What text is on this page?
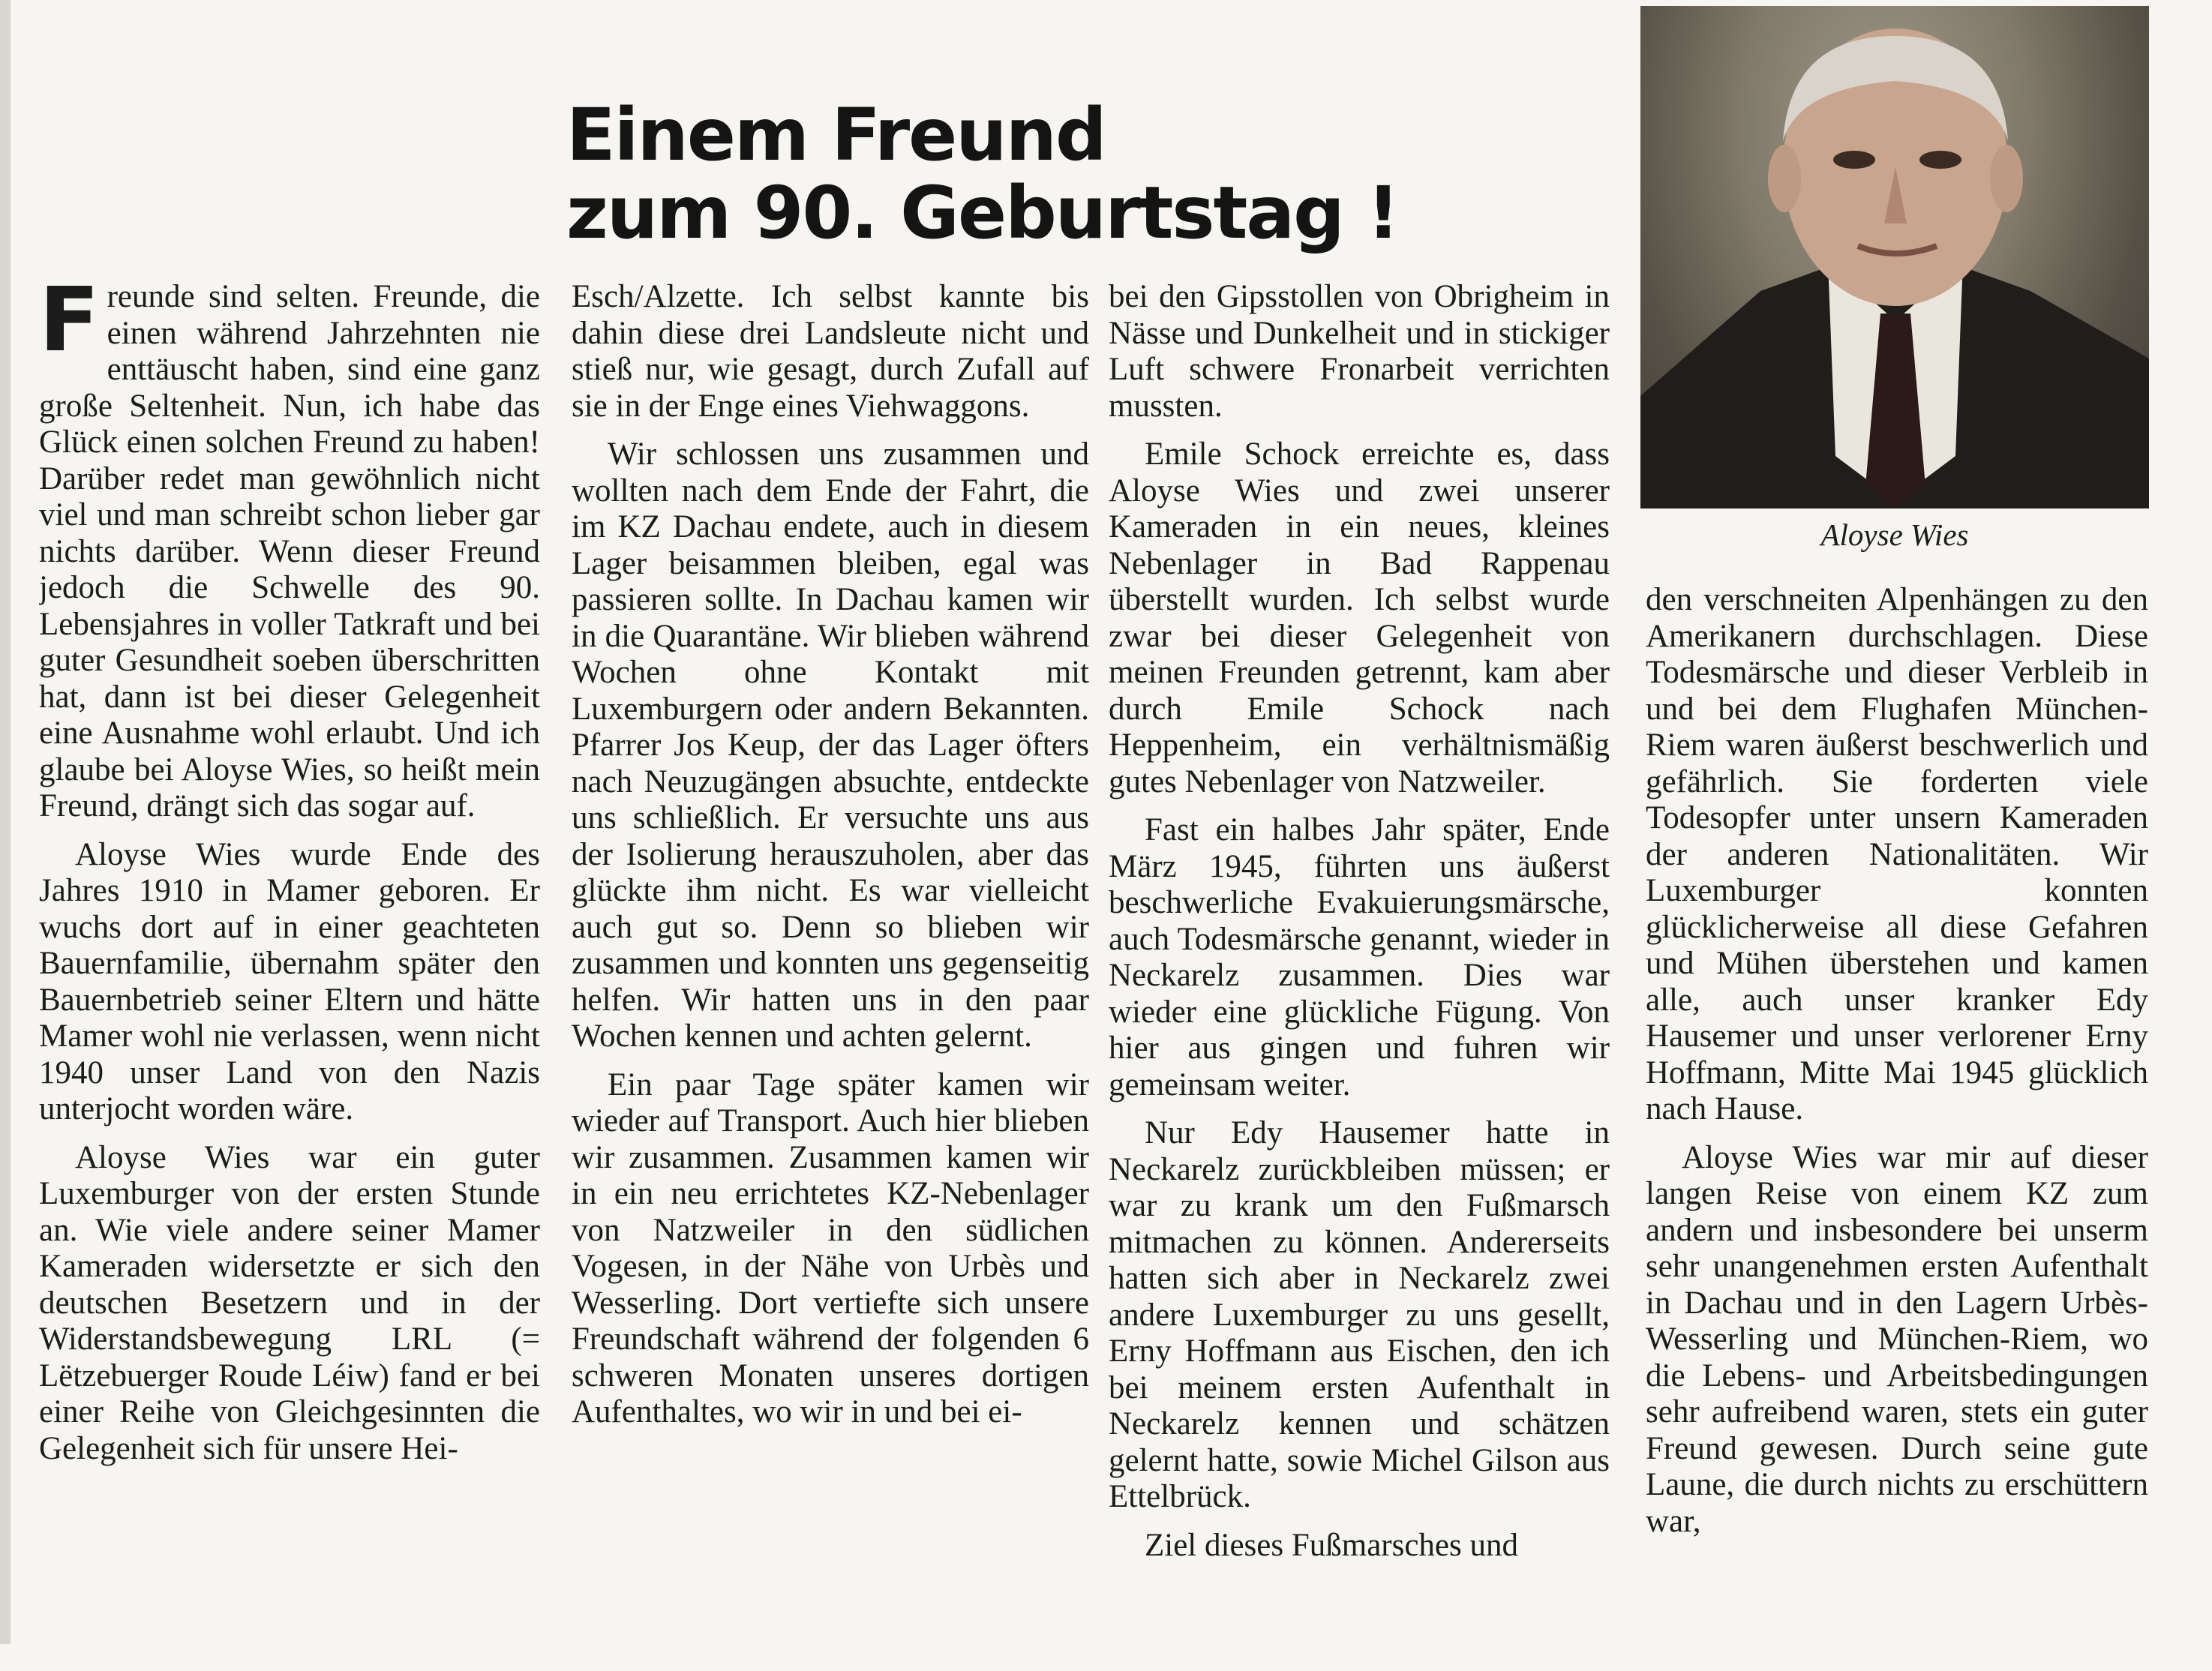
Einem Freund
zum 90. Geburtstag !
Aloyse Wies

Freunde sind selten. Freunde, die einen während Jahrzehnten nie enttäuscht haben, sind eine ganz große Seltenheit. Nun, ich habe das Glück einen solchen Freund zu haben! Darüber redet man gewöhnlich nicht viel und man schreibt schon lieber gar nichts darüber. Wenn dieser Freund jedoch die Schwelle des 90. Lebensjahres in voller Tatkraft und bei guter Gesundheit soeben überschritten hat, dann ist bei dieser Gelegenheit eine Ausnahme wohl erlaubt. Und ich glaube bei Aloyse Wies, so heißt mein Freund, drängt sich das sogar auf.

Aloyse Wies wurde Ende des Jahres 1910 in Mamer geboren. Er wuchs dort auf in einer geachteten Bauernfamilie, übernahm später den Bauernbetrieb seiner Eltern und hätte Mamer wohl nie verlassen, wenn nicht 1940 unser Land von den Nazis unterjocht worden wäre.

Aloyse Wies war ein guter Luxemburger von der ersten Stunde an. Wie viele andere seiner Mamer Kameraden widersetzte er sich den deutschen Besetzern und in der Widerstandsbewegung LRL (= Lëtzebuerger Roude Léiw) fand er bei einer Reihe von Gleichgesinnten die Gelegenheit sich für unsere Hei-

Esch/Alzette. Ich selbst kannte bis dahin diese drei Landsleute nicht und stieß nur, wie gesagt, durch Zufall auf sie in der Enge eines Viehwaggons.

Wir schlossen uns zusammen und wollten nach dem Ende der Fahrt, die im KZ Dachau endete, auch in diesem Lager beisammen bleiben, egal was passieren sollte. In Dachau kamen wir in die Quarantäne. Wir blieben während Wochen ohne Kontakt mit Luxemburgern oder andern Bekannten. Pfarrer Jos Keup, der das Lager öfters nach Neuzugängen absuchte, entdeckte uns schließlich. Er versuchte uns aus der Isolierung herauszuholen, aber das glückte ihm nicht. Es war vielleicht auch gut so. Denn so blieben wir zusammen und konnten uns gegenseitig helfen. Wir hatten uns in den paar Wochen kennen und achten gelernt.

Ein paar Tage später kamen wir wieder auf Transport. Auch hier blieben wir zusammen. Zusammen kamen wir in ein neu errichtetes KZ-Nebenlager von Natzweiler in den südlichen Vogesen, in der Nähe von Urbès und Wesserling. Dort vertiefte sich unsere Freundschaft während der folgenden 6 schweren Monaten unseres dortigen Aufenthaltes, wo wir in und bei ei-

bei den Gipsstollen von Obrigheim in Nässe und Dunkelheit und in stickiger Luft schwere Fronarbeit verrichten mussten.

Emile Schock erreichte es, dass Aloyse Wies und zwei unserer Kameraden in ein neues, kleines Nebenlager in Bad Rappenau überstellt wurden. Ich selbst wurde zwar bei dieser Gelegenheit von meinen Freunden getrennt, kam aber durch Emile Schock nach Heppenheim, ein verhältnismäßig gutes Nebenlager von Natzweiler.

Fast ein halbes Jahr später, Ende März 1945, führten uns äußerst beschwerliche Evakuierungsmärsche, auch Todesmärsche genannt, wieder in Neckarelz zusammen. Dies war wieder eine glückliche Fügung. Von hier aus gingen und fuhren wir gemeinsam weiter.

Nur Edy Hausemer hatte in Neckarelz zurückbleiben müssen; er war zu krank um den Fußmarsch mitmachen zu können. Andererseits hatten sich aber in Neckarelz zwei andere Luxemburger zu uns gesellt, Erny Hoffmann aus Eischen, den ich bei meinem ersten Aufenthalt in Neckarelz kennen und schätzen gelernt hatte, sowie Michel Gilson aus Ettelbrück.

Ziel dieses Fußmarsches und

den verschneiten Alpenhängen zu den Amerikanern durchschlagen. Diese Todesmärsche und dieser Verbleib in und bei dem Flughafen München-Riem waren äußerst beschwerlich und gefährlich. Sie forderten viele Todesopfer unter unsern Kameraden der anderen Nationalitäten. Wir Luxemburger konnten glücklicherweise all diese Gefahren und Mühen überstehen und kamen alle, auch unser kranker Edy Hausemer und unser verlorener Erny Hoffmann, Mitte Mai 1945 glücklich nach Hause.

Aloyse Wies war mir auf dieser langen Reise von einem KZ zum andern und insbesondere bei unserm sehr unangenehmen ersten Aufenthalt in Dachau und in den Lagern Urbès-Wesserling und München-Riem, wo die Lebens- und Arbeitsbedingungen sehr aufreibend waren, stets ein guter Freund gewesen. Durch seine gute Laune, die durch nichts zu erschüttern war,
